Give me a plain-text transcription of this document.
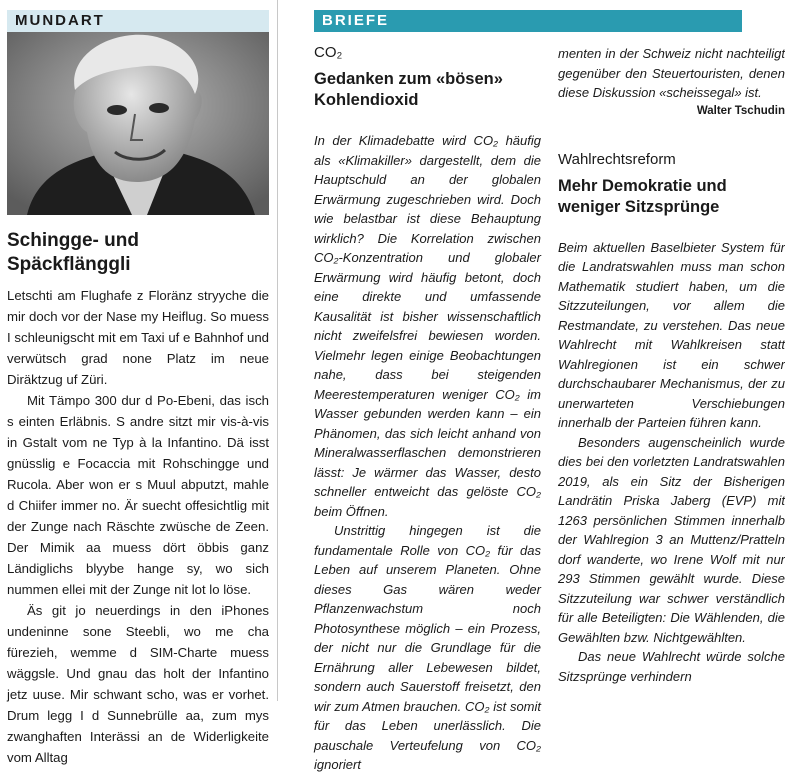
MUNDART
Schingge- und
Späckflänggli

Letschti am Flughafe z Floränz stryyche die mir doch vor der Nase my Heiflug. So muess I schleunigscht mit em Taxi uf e Bahnhof und verwütsch grad none Platz im neue Diräktzug uf Züri.

Mit Tämpo 300 dur d Po-Ebeni, das isch s einten Erläbnis. S andre sitzt mir vis-à-vis in Gstalt vom ne Typ à la Infantino. Dä isst gnüsslig e Focaccia mit Rohschingge und Rucola. Aber won er s Muul abputzt, mahle d Chiifer immer no. Är suecht offesichtlig mit der Zunge nach Räschte zwüsche de Zeen. Der Mimik aa muess dört öbbis ganz Ländiglichs blyybe hange sy, wo sich nummen ellei mit der Zunge nit lot lo löse.

Äs git jo neuerdings in den iPhones undeninne sone Steebli, wo me cha fürezieh, wemme d SIM-Charte muess wäggsle. Und gnau das holt der Infantino jetz uuse. Mir schwant scho, was er vorhet. Drum legg I d Sunnebrülle aa, zum mys zwanghaften Interässi an de Widerligkeite vom Alltag

BRIEFE
CO₂
Gedanken zum «bösen»
Kohlendioxid

In der Klimadebatte wird CO₂ häufig als «Klimakiller» dargestellt, dem die Hauptschuld an der globalen Erwärmung zugeschrieben wird. Doch wie belastbar ist diese Behauptung wirklich? Die Korrelation zwischen CO₂-Konzentration und globaler Erwärmung wird häufig betont, doch eine direkte und umfassende Kausalität ist bisher wissenschaftlich nicht zweifelsfrei bewiesen worden. Vielmehr legen einige Beobachtungen nahe, dass bei steigenden Meerestemperaturen weniger CO₂ im Wasser gebunden werden kann – ein Phänomen, das sich leicht anhand von Mineralwasserflaschen demonstrieren lässt: Je wärmer das Wasser, desto schneller entweicht das gelöste CO₂ beim Öffnen.

Unstrittig hingegen ist die fundamentale Rolle von CO₂ für das Leben auf unserem Planeten. Ohne dieses Gas wären weder Pflanzenwachstum noch Photosynthese möglich – ein Prozess, der nicht nur die Grundlage für die Ernährung aller Lebewesen bildet, sondern auch Sauerstoff freisetzt, den wir zum Atmen brauchen. CO₂ ist somit für das Leben unerlässlich. Die pauschale Verteufelung von CO₂ ignoriert

menten in der Schweiz nicht nachteiligt gegenüber den Steuertouristen, denen diese Diskussion «scheissegal» ist.

Walter Tschudin
Wahlrechtsreform
Mehr Demokratie und
weniger Sitzsprünge

Beim aktuellen Baselbieter System für die Landratswahlen muss man schon Mathematik studiert haben, um die Sitzzuteilungen, vor allem die Restmandate, zu verstehen. Das neue Wahlrecht mit Wahlkreisen statt Wahlregionen ist ein schwer durchschaubarer Mechanismus, der zu unerwarteten Verschiebungen innerhalb der Parteien führen kann.

Besonders augenscheinlich wurde dies bei den vorletzten Landratswahlen 2019, als ein Sitz der Bisherigen Landrätin Priska Jaberg (EVP) mit 1263 persönlichen Stimmen innerhalb der Wahlregion 3 an Muttenz/Pratteln dorf wanderte, wo Irene Wolf mit nur 293 Stimmen gewählt wurde. Diese Sitzzuteilung war schwer verständlich für alle Beteiligten: Die Wählenden, die Gewählten bzw. Nichtgewählten.

Das neue Wahlrecht würde solche Sitzsprünge verhindern
